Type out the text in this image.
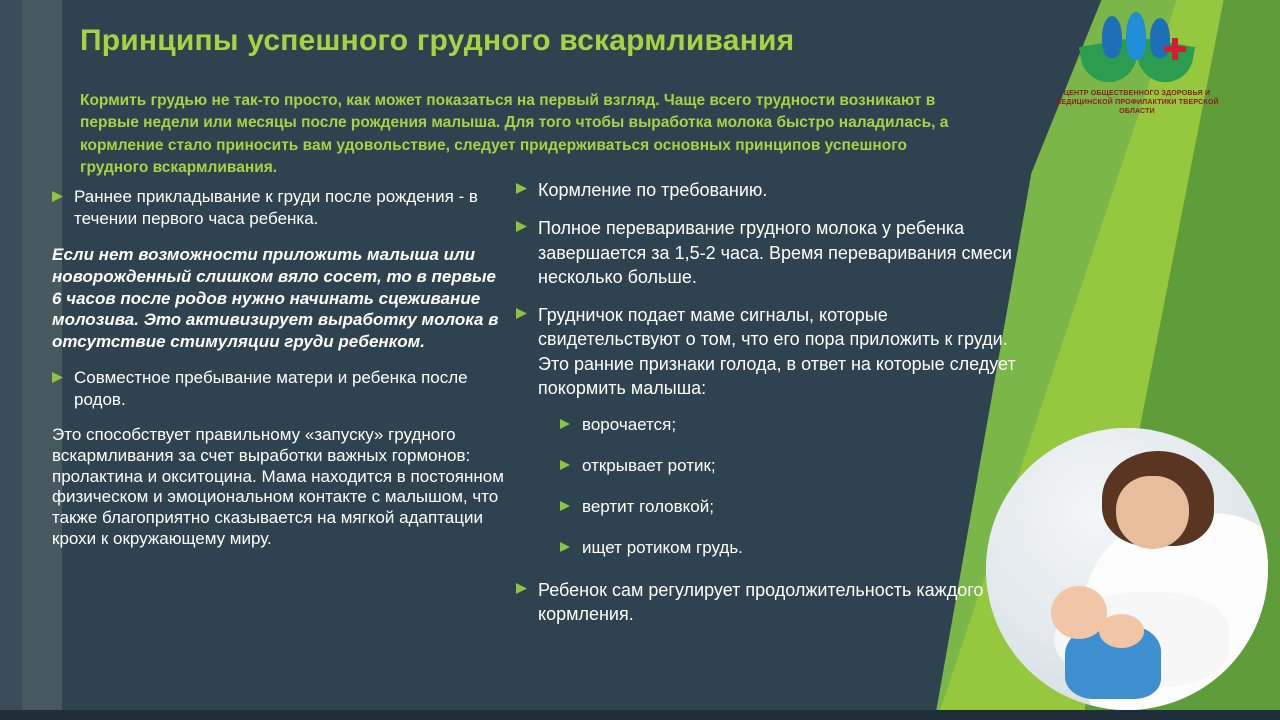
ЦЕНТР ОБЩЕСТВЕННОГО ЗДОРОВЬЯ И МЕДИЦИНСКОЙ ПРОФИЛАКТИКИ ТВЕРСКОЙ ОБЛАСТИ
Принципы успешного грудного вскармливания
Кормить грудью не так-то просто, как может показаться на первый взгляд. Чаще всего трудности возникают в первые недели или месяцы после рождения малыша. Для того чтобы выработка молока быстро наладилась, а кормление стало приносить вам удовольствие, следует придерживаться основных принципов успешного грудного вскармливания.
Раннее прикладывание к груди после рождения - в течении первого часа ребенка.

Если нет возможности приложить малыша или новорожденный слишком вяло сосет, то в первые 6 часов после родов нужно начинать сцеживание молозива. Это активизирует выработку молока в отсутствие стимуляции груди ребенком.

Совместное пребывание матери и ребенка после родов.

Это способствует правильному «запуску» грудного вскармливания за счет выработки важных гормонов: пролактина и окситоцина. Мама находится в постоянном физическом и эмоциональном контакте с малышом, что также благоприятно сказывается на мягкой адаптации крохи к окружающему миру.

Кормление по требованию.
Полное переваривание грудного молока у ребенка завершается за 1,5-2 часа. Время переваривания смеси несколько больше.
Грудничок подает маме сигналы, которые свидетельствуют о том, что его пора приложить к груди. Это ранние признаки голода, в ответ на которые следует покормить малыша:
ворочается;
открывает ротик;
вертит головкой;
ищет ротиком грудь.
Ребенок сам регулирует продолжительность каждого кормления.
